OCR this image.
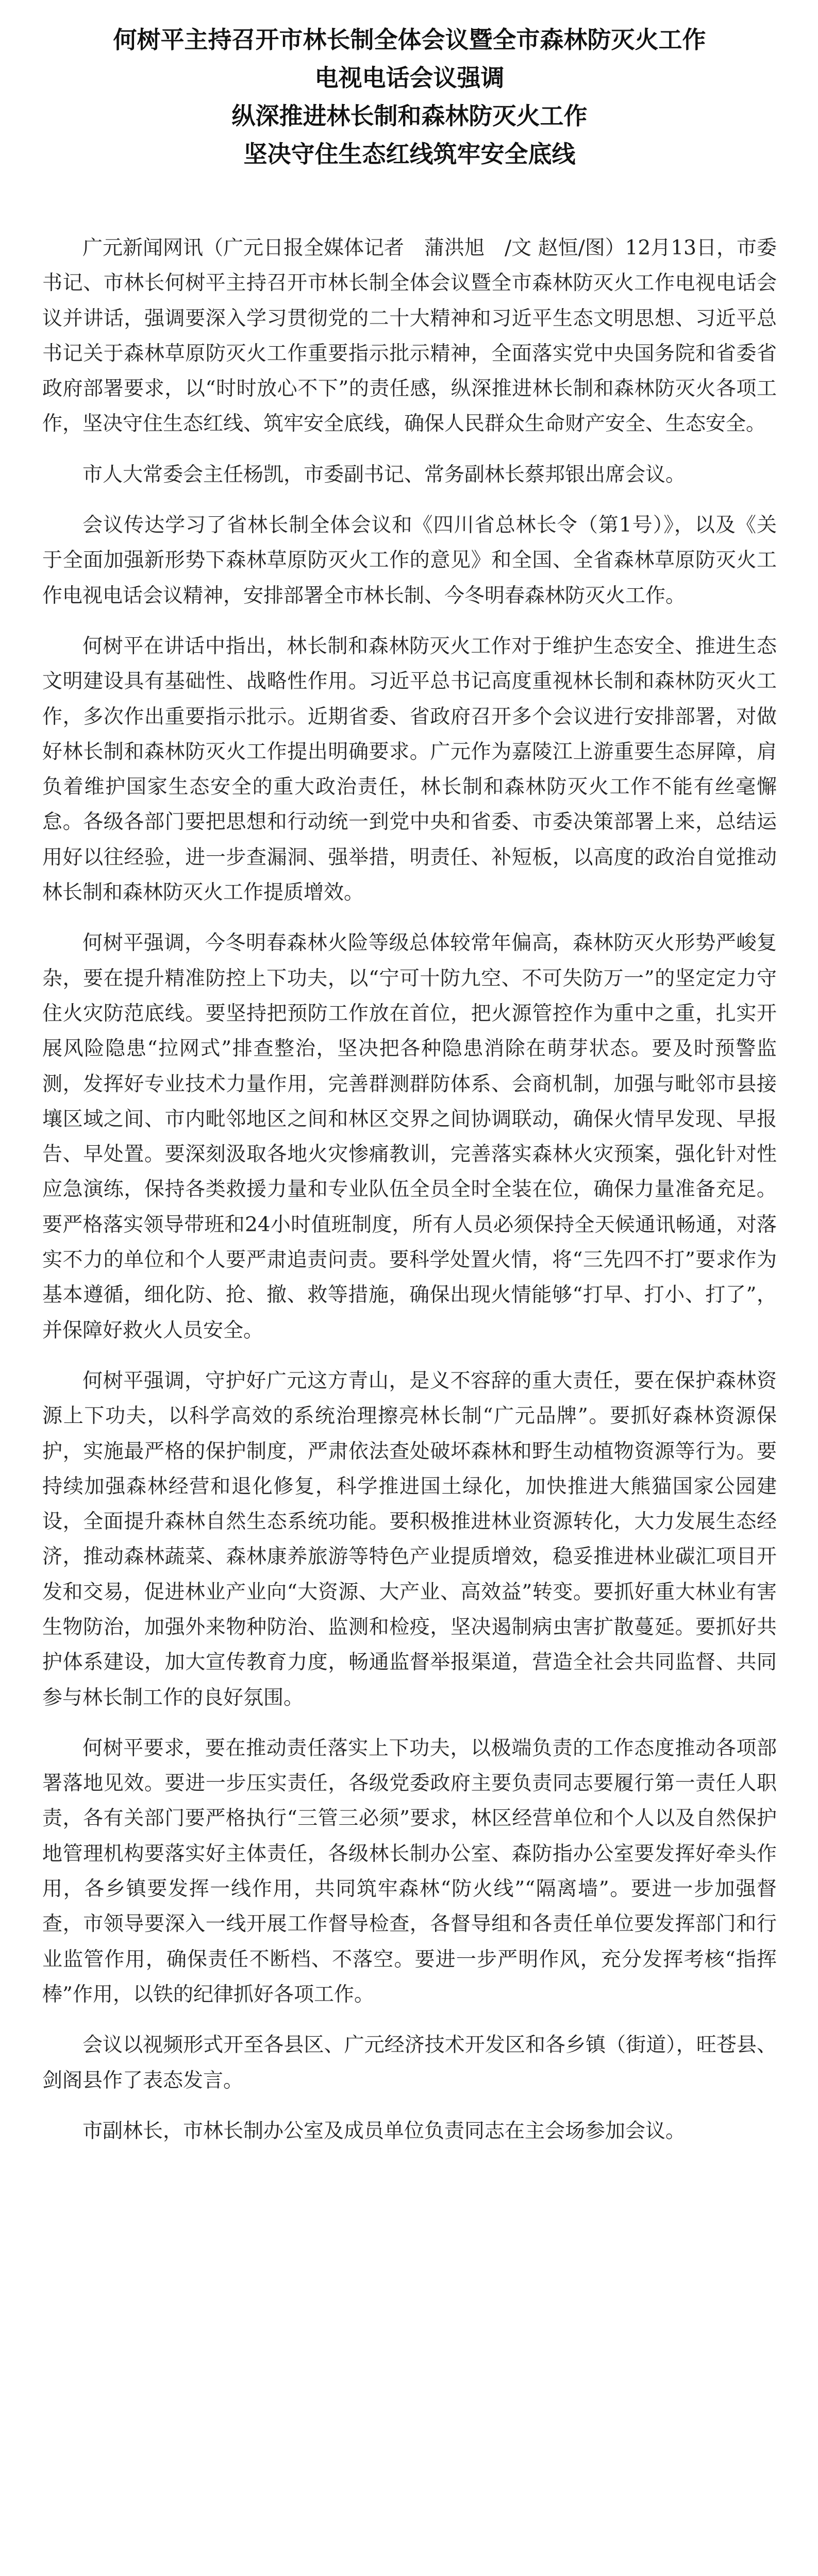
何树平主持召开市林长制全体会议暨全市森林防灭火工作
电视电话会议强调
纵深推进林长制和森林防灭火工作
坚决守住生态红线筑牢安全底线

广元新闻网讯（广元日报全媒体记者　蒲洪旭　/文 赵恒/图）12月13日，市委书记、市林长何树平主持召开市林长制全体会议暨全市森林防灭火工作电视电话会议并讲话，强调要深入学习贯彻党的二十大精神和习近平生态文明思想、习近平总书记关于森林草原防灭火工作重要指示批示精神，全面落实党中央国务院和省委省政府部署要求，以“时时放心不下”的责任感，纵深推进林长制和森林防灭火各项工作，坚决守住生态红线、筑牢安全底线，确保人民群众生命财产安全、生态安全。

市人大常委会主任杨凯，市委副书记、常务副林长蔡邦银出席会议。

会议传达学习了省林长制全体会议和《四川省总林长令（第1号）》，以及《关于全面加强新形势下森林草原防灭火工作的意见》和全国、全省森林草原防灭火工作电视电话会议精神，安排部署全市林长制、今冬明春森林防灭火工作。

何树平在讲话中指出，林长制和森林防灭火工作对于维护生态安全、推进生态文明建设具有基础性、战略性作用。习近平总书记高度重视林长制和森林防灭火工作，多次作出重要指示批示。近期省委、省政府召开多个会议进行安排部署，对做好林长制和森林防灭火工作提出明确要求。广元作为嘉陵江上游重要生态屏障，肩负着维护国家生态安全的重大政治责任，林长制和森林防灭火工作不能有丝毫懈怠。各级各部门要把思想和行动统一到党中央和省委、市委决策部署上来，总结运用好以往经验，进一步查漏洞、强举措，明责任、补短板，以高度的政治自觉推动林长制和森林防灭火工作提质增效。

何树平强调，今冬明春森林火险等级总体较常年偏高，森林防灭火形势严峻复杂，要在提升精准防控上下功夫，以“宁可十防九空、不可失防万一”的坚定定力守住火灾防范底线。要坚持把预防工作放在首位，把火源管控作为重中之重，扎实开展风险隐患“拉网式”排查整治，坚决把各种隐患消除在萌芽状态。要及时预警监测，发挥好专业技术力量作用，完善群测群防体系、会商机制，加强与毗邻市县接壤区域之间、市内毗邻地区之间和林区交界之间协调联动，确保火情早发现、早报告、早处置。要深刻汲取各地火灾惨痛教训，完善落实森林火灾预案，强化针对性应急演练，保持各类救援力量和专业队伍全员全时全装在位，确保力量准备充足。要严格落实领导带班和24小时值班制度，所有人员必须保持全天候通讯畅通，对落实不力的单位和个人要严肃追责问责。要科学处置火情，将“三先四不打”要求作为基本遵循，细化防、抢、撤、救等措施，确保出现火情能够“打早、打小、打了”，并保障好救火人员安全。

何树平强调，守护好广元这方青山，是义不容辞的重大责任，要在保护森林资源上下功夫，以科学高效的系统治理擦亮林长制“广元品牌”。要抓好森林资源保护，实施最严格的保护制度，严肃依法查处破坏森林和野生动植物资源等行为。要持续加强森林经营和退化修复，科学推进国土绿化，加快推进大熊猫国家公园建设，全面提升森林自然生态系统功能。要积极推进林业资源转化，大力发展生态经济，推动森林蔬菜、森林康养旅游等特色产业提质增效，稳妥推进林业碳汇项目开发和交易，促进林业产业向“大资源、大产业、高效益”转变。要抓好重大林业有害生物防治，加强外来物种防治、监测和检疫，坚决遏制病虫害扩散蔓延。要抓好共护体系建设，加大宣传教育力度，畅通监督举报渠道，营造全社会共同监督、共同参与林长制工作的良好氛围。

何树平要求，要在推动责任落实上下功夫，以极端负责的工作态度推动各项部署落地见效。要进一步压实责任，各级党委政府主要负责同志要履行第一责任人职责，各有关部门要严格执行“三管三必须”要求，林区经营单位和个人以及自然保护地管理机构要落实好主体责任，各级林长制办公室、森防指办公室要发挥好牵头作用，各乡镇要发挥一线作用，共同筑牢森林“防火线”“隔离墙”。要进一步加强督查，市领导要深入一线开展工作督导检查，各督导组和各责任单位要发挥部门和行业监管作用，确保责任不断档、不落空。要进一步严明作风，充分发挥考核“指挥棒”作用，以铁的纪律抓好各项工作。

会议以视频形式开至各县区、广元经济技术开发区和各乡镇（街道），旺苍县、剑阁县作了表态发言。

市副林长，市林长制办公室及成员单位负责同志在主会场参加会议。
